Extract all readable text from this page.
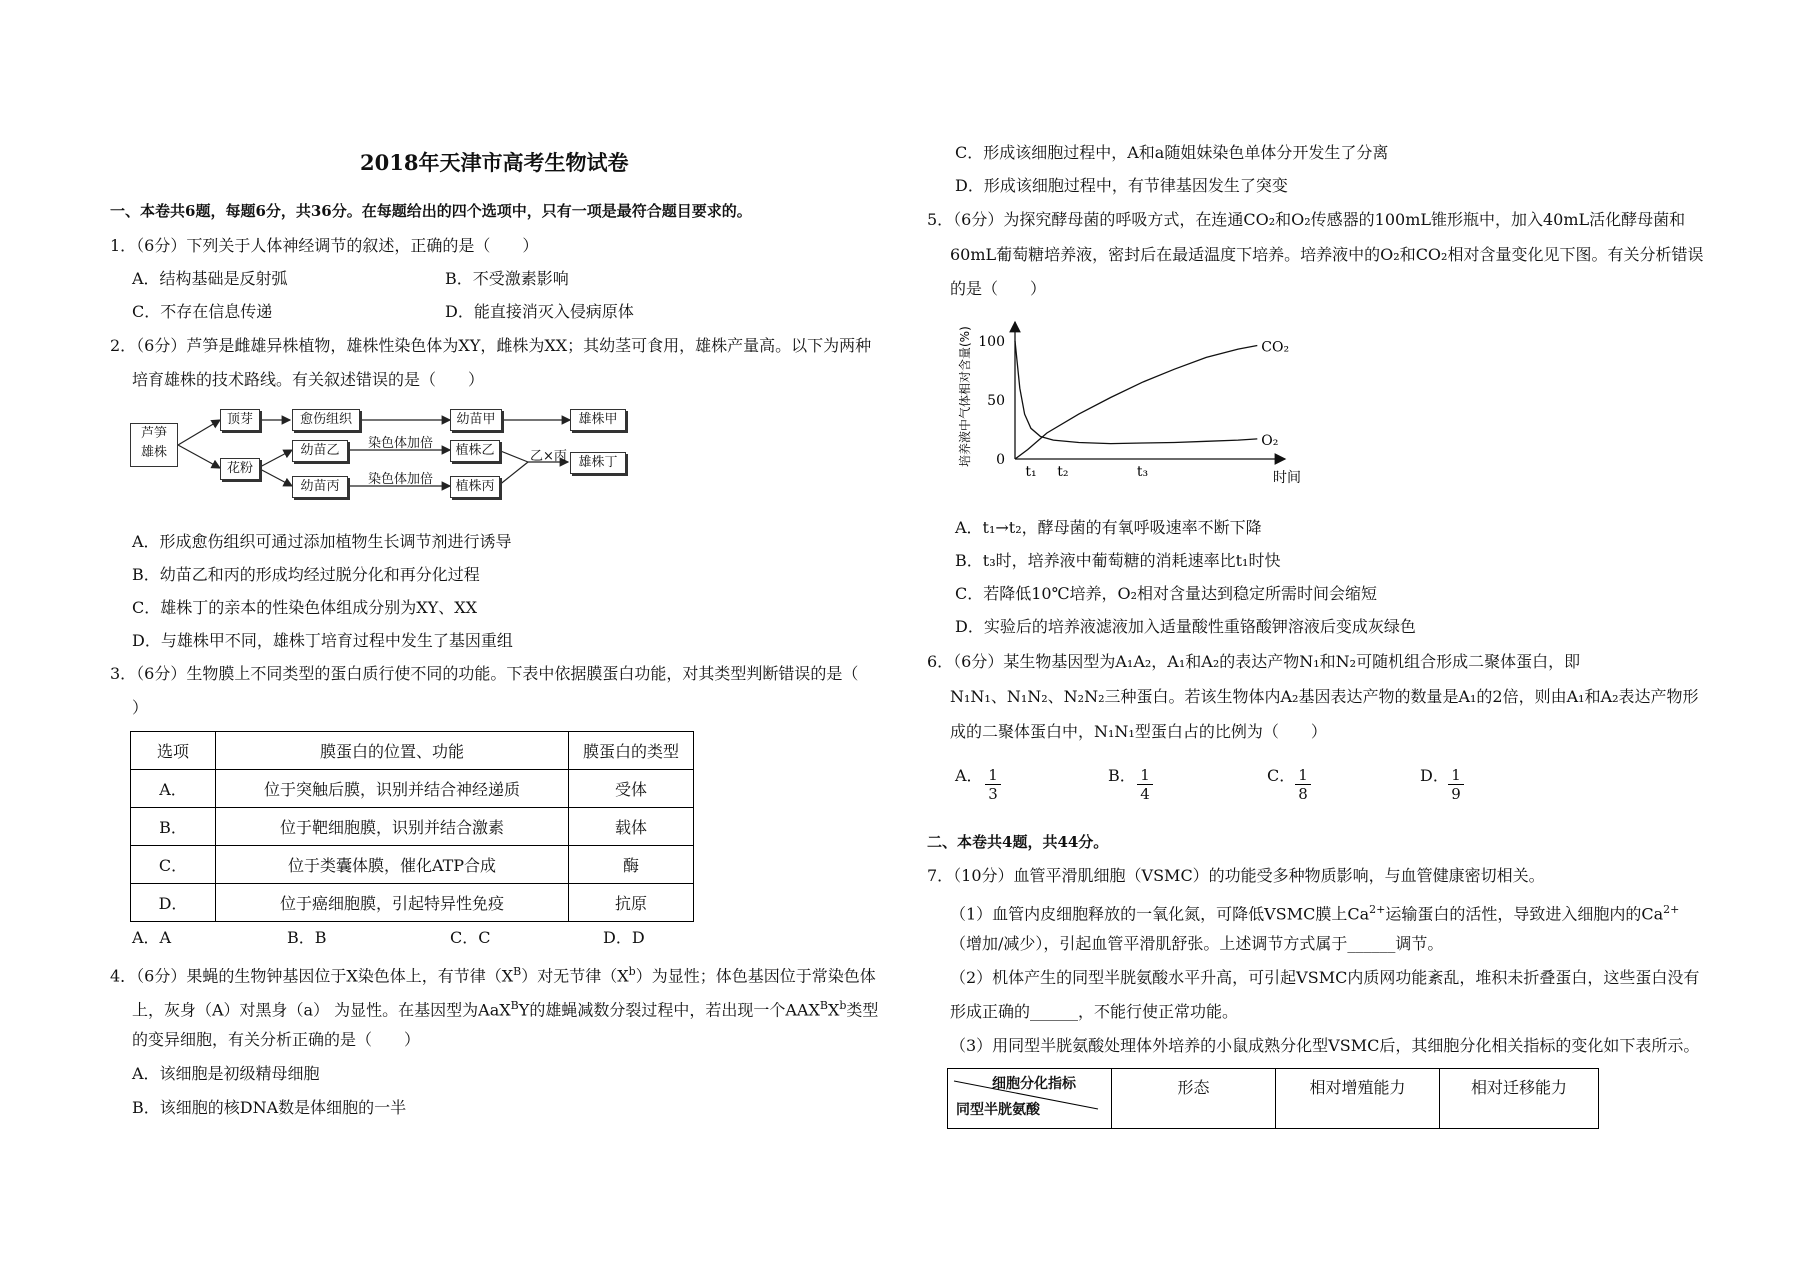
2018年天津市高考生物试卷
一、本卷共6题，每题6分，共36分。在每题给出的四个选项中，只有一项是最符合题目要求的。
1．（6分）下列关于人体神经调节的叙述，正确的是（　　）
A．结构基础是反射弧	B．不受激素影响
C．不存在信息传递	D．能直接消灭入侵病原体
2．（6分）芦笋是雌雄异株植物，雄株性染色体为XY，雌株为XX；其幼茎可食用，雄株产量高。以下为两种
培育雄株的技术路线。有关叙述错误的是（　　）
芦笋
雄株
顶芽	愈伤组织	幼苗甲	雄株甲
花粉
幼苗乙	植株乙
幼苗丙	植株丙
染色体加倍
染色体加倍
乙×丙 雄株丁
A．形成愈伤组织可通过添加植物生长调节剂进行诱导
B．幼苗乙和丙的形成均经过脱分化和再分化过程
C．雄株丁的亲本的性染色体组成分别为XY、XX
D．与雄株甲不同，雄株丁培育过程中发生了基因重组
3．（6分）生物膜上不同类型的蛋白质行使不同的功能。下表中依据膜蛋白功能，对其类型判断错误的是（
）
选项	膜蛋白的位置、功能	膜蛋白的类型
A．	位于突触后膜，识别并结合神经递质	受体
B．	位于靶细胞膜，识别并结合激素	载体
C．	位于类囊体膜，催化ATP合成	酶
D．	位于癌细胞膜，引起特异性免疫	抗原
A．A	B．B	C．C	D．D
4．（6分）果蝇的生物钟基因位于X染色体上，有节律$(X^B)$对无节律$(X^b)$为显性；体色基因位于常染色体
上，灰身（A）对黑身（a） 为显性。在基因型为AaX$^B$Y的雄蝇减数分裂过程中，若出现一个$AAX^BX^b$类型
的变异细胞，有关分析正确的是（　　）
A．该细胞是初级精母细胞
B．该细胞的核DNA数是体细胞的一半
C．形成该细胞过程中，A和a随姐妹染色单体分开发生了分离
D．形成该细胞过程中，有节律基因发生了突变
5．（6分）为探究酵母菌的呼吸方式，在连通CO₂和O₂传感器的100mL锥形瓶中，加入40mL活化酵母菌和
60mL葡萄糖培养液，密封后在最适温度下培养。培养液中的O₂和CO₂相对含量变化见下图。有关分析错误
的是（　　）
0
50
100
t₁ t₂	t₃
CO₂
O₂
培养液中气体相对含量(%)
时间
A．t₁→t₂，酵母菌的有氧呼吸速率不断下降
B．t₃时，培养液中葡萄糖的消耗速率比t₁时快
C．若降低10℃培养，O₂相对含量达到稳定所需时间会缩短
D．实验后的培养液滤液加入适量酸性重铬酸钾溶液后变成灰绿色
6．（6分）某生物基因型为A₁A₂，A₁和A₂的表达产物N₁和N₂可随机组合形成二聚体蛋白，即
N₁N₁、N₁N₂、N₂N₂三种蛋白。若该生物体内A₂基因表达产物的数量是A₁的2倍，则由A₁和A₂表达产物形
成的二聚体蛋白中，N₁N₁型蛋白占的比例为（　　）
A． $\frac{1}{3}$	B． $\frac{1}{4}$	C． $\frac{1}{8}$	D． $\frac{1}{9}$
二、本卷共4题，共44分。
7．（10分）血管平滑肌细胞（VSMC）的功能受多种物质影响，与血管健康密切相关。
（1）血管内皮细胞释放的一氧化氮，可降低VSMC膜上$Ca^{2+}$运输蛋白的活性，导致进入细胞内的$Ca^{2+}$
（增加/减少），引起血管平滑肌舒张。上述调节方式属于______调节。
（2）机体产生的同型半胱氨酸水平升高，可引起VSMC内质网功能紊乱，堆积未折叠蛋白，这些蛋白没有
形成正确的______，不能行使正常功能。
（3）用同型半胱氨酸处理体外培养的小鼠成熟分化型VSMC后，其细胞分化相关指标的变化如下表所示。
细胞分化指标
同型半胱氨酸
	形态	相对增殖能力	相对迁移能力
